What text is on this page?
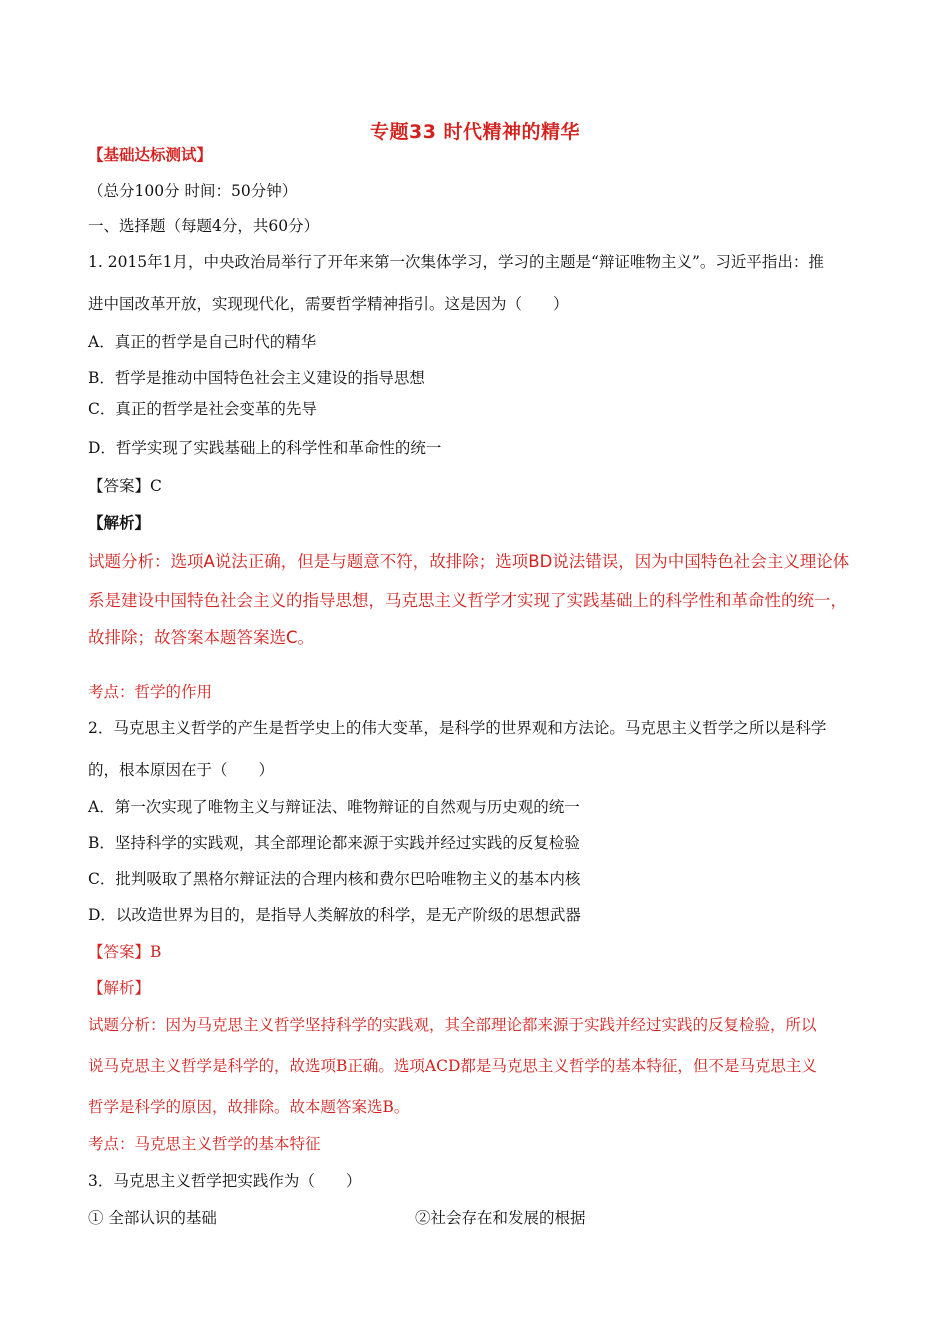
专题33 时代精神的精华
【基础达标测试】
（总分100分 时间：50分钟）
一、选择题（每题4分，共60分）
1. 2015年1月，中央政治局举行了开年来第一次集体学习，学习的主题是“辩证唯物主义”。习近平指出：推
进中国改革开放，实现现代化，需要哲学精神指引。这是因为（　　）
A．真正的哲学是自己时代的精华
B．哲学是推动中国特色社会主义建设的指导思想
C．真正的哲学是社会变革的先导
D．哲学实现了实践基础上的科学性和革命性的统一
【答案】C
【解析】
试题分析：选项A说法正确，但是与题意不符，故排除；选项BD说法错误，因为中国特色社会主义理论体
系是建设中国特色社会主义的指导思想，马克思主义哲学才实现了实践基础上的科学性和革命性的统一，
故排除；故答案本题答案选C。
考点：哲学的作用
2．马克思主义哲学的产生是哲学史上的伟大变革，是科学的世界观和方法论。马克思主义哲学之所以是科学
的，根本原因在于（　　）
A．第一次实现了唯物主义与辩证法、唯物辩证的自然观与历史观的统一
B．坚持科学的实践观，其全部理论都来源于实践并经过实践的反复检验
C．批判吸取了黑格尔辩证法的合理内核和费尔巴哈唯物主义的基本内核
D．以改造世界为目的，是指导人类解放的科学，是无产阶级的思想武器
【答案】B
【解析】
试题分析：因为马克思主义哲学坚持科学的实践观，其全部理论都来源于实践并经过实践的反复检验，所以
说马克思主义哲学是科学的，故选项B正确。选项ACD都是马克思主义哲学的基本特征，但不是马克思主义
哲学是科学的原因，故排除。故本题答案选B。
考点：马克思主义哲学的基本特征
3．马克思主义哲学把实践作为（　　）
① 全部认识的基础	②社会存在和发展的根据
